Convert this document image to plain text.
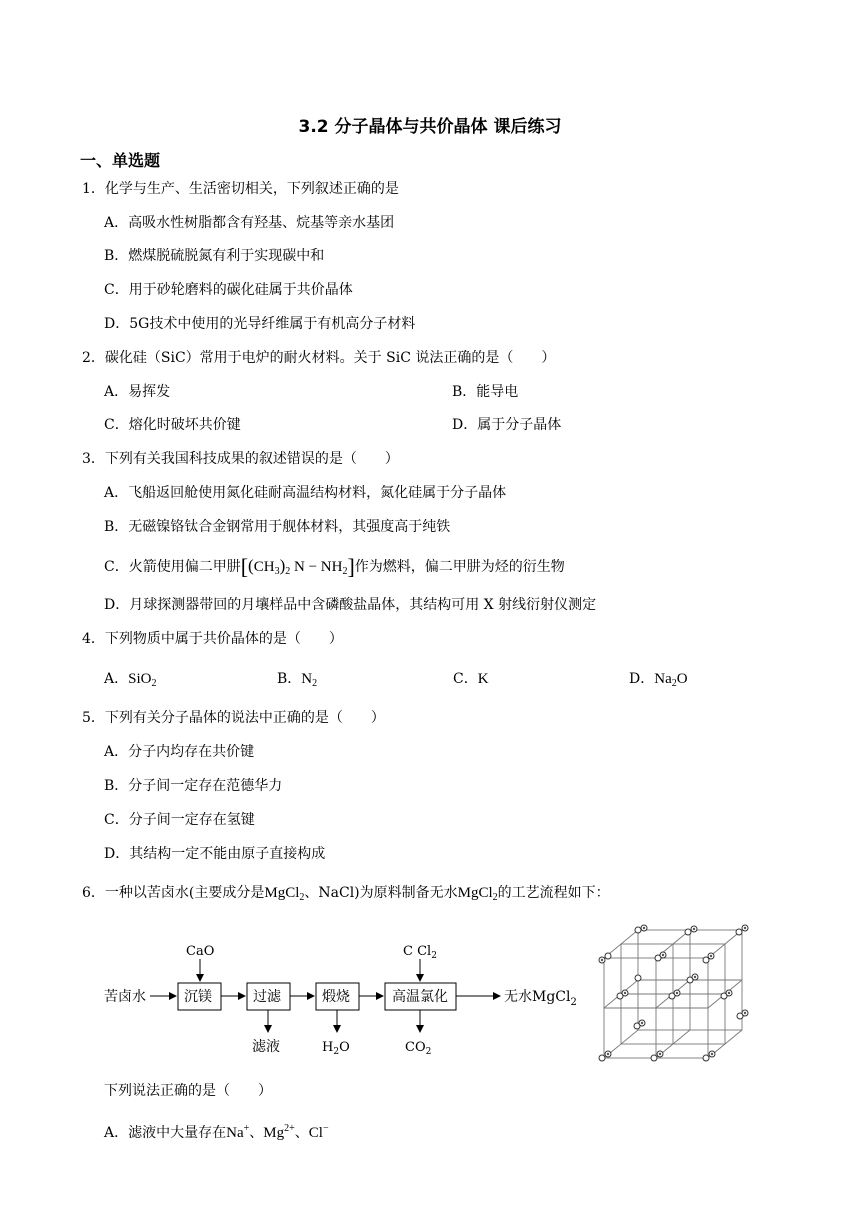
3.2 分子晶体与共价晶体 课后练习
一、单选题
1．化学与生产、生活密切相关，下列叙述正确的是
A．高吸水性树脂都含有羟基、烷基等亲水基团
B．燃煤脱硫脱氮有利于实现碳中和
C．用于砂轮磨料的碳化硅属于共价晶体
D．5G技术中使用的光导纤维属于有机高分子材料
2．碳化硅（SiC）常用于电炉的耐火材料。关于 SiC 说法正确的是（　　）
A．易挥发	B．能导电
C．熔化时破坏共价键	D．属于分子晶体
3．下列有关我国科技成果的叙述错误的是（　　）
A．飞船返回舱使用氮化硅耐高温结构材料，氮化硅属于分子晶体
B．无磁镍铬钛合金钢常用于舰体材料，其强度高于纯铁
C．火箭使用偏二甲肼[$(CH_3)_2$ $N - NH_2$]作为燃料，偏二甲肼为烃的衍生物
D．月球探测器带回的月壤样品中含磷酸盐晶体，其结构可用 X 射线衍射仪测定
4．下列物质中属于共价晶体的是（　　）
A．SiO$_2$	B．$N_2$	C．K	D．$Na_2O$
5．下列有关分子晶体的说法中正确的是（　　）
A．分子内均存在共价键
B．分子间一定存在范德华力
C．分子间一定存在氢键
D．其结构一定不能由原子直接构成
6．一种以苦卤水(主要成分是MgCl$_2$、NaCl)为原料制备无水MgCl$_2$的工艺流程如下：
苦卤水	沉镁	过滤	煅烧	高温氯化	无水MgCl$_2$
CaO	C $Cl_2$
滤液	$H_2O$	$CO_2$
下列说法正确的是（　　）
A．滤液中大量存在Na+、$Mg^{2+}$、Cl−
